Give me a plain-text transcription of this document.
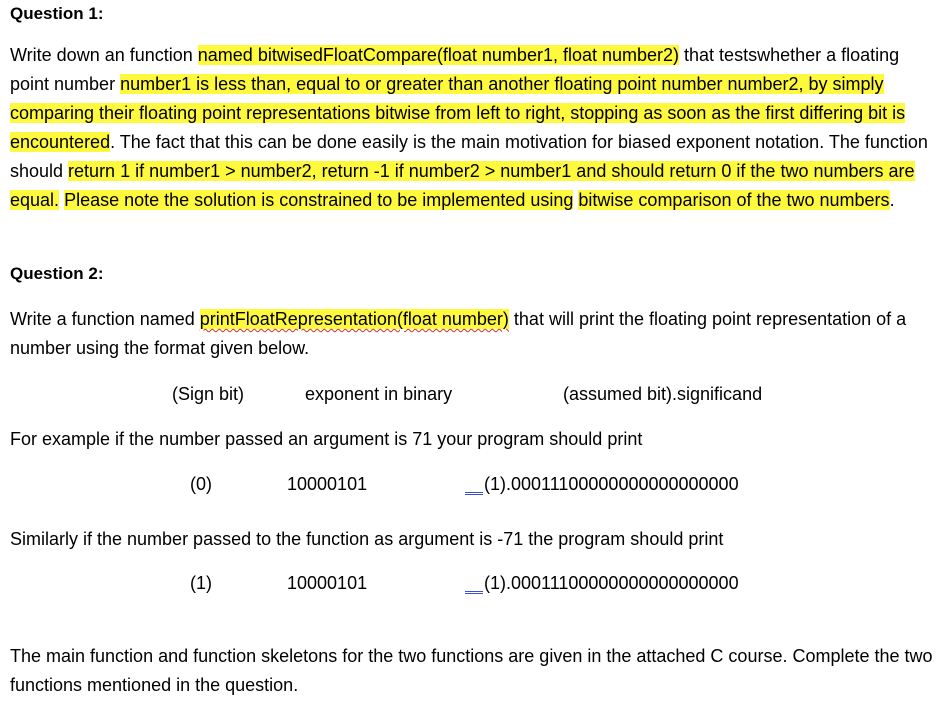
Question 1:

Write down an function named bitwisedFloatCompare(float number1, float number2) that testswhether a floating point number number1 is less than, equal to or greater than another floating point number number2, by simply comparing their floating point representations bitwise from left to right, stopping as soon as the first differing bit is encountered. The fact that this can be done easily is the main motivation for biased exponent notation. The function should return 1 if number1 > number2, return -1 if number2 > number1 and should return 0 if the two numbers are equal. Please note the solution is constrained to be implemented using bitwise comparison of the two numbers.

Question 2:

Write a function named printFloatRepresentation(float number) that will print the floating point representation of a number using the format given below.

(Sign bit)	exponent in binary	(assumed bit).significand

For example if the number passed an argument is 71 your program should print

(0)	10000101	(1).00011100000000000000000

Similarly if the number passed to the function as argument is -71 the program should print

(1)	10000101	(1).00011100000000000000000

The main function and function skeletons for the two functions are given in the attached C course. Complete the two functions mentioned in the question.
